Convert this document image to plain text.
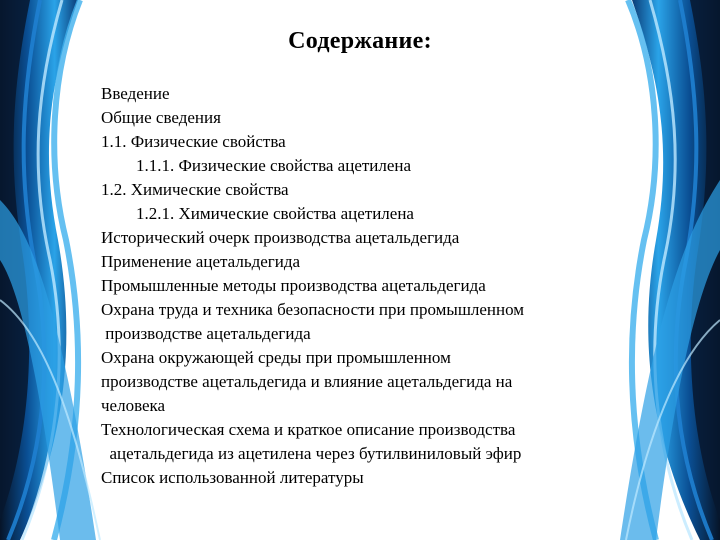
Содержание:
Введение
Общие сведения
1.1. Физические свойства
1.1.1. Физические свойства ацетилена
1.2. Химические свойства
1.2.1. Химические свойства ацетилена
Исторический очерк производства ацетальдегида
Применение ацетальдегида
Промышленные методы производства ацетальдегида
Охрана труда и техника безопасности при промышленном
производстве ацетальдегида
Охрана окружающей среды при промышленном
производстве ацетальдегида и влияние ацетальдегида на
человека
Технологическая схема и краткое описание производства
ацетальдегида из ацетилена через бутилвиниловый эфир
Список использованной литературы
